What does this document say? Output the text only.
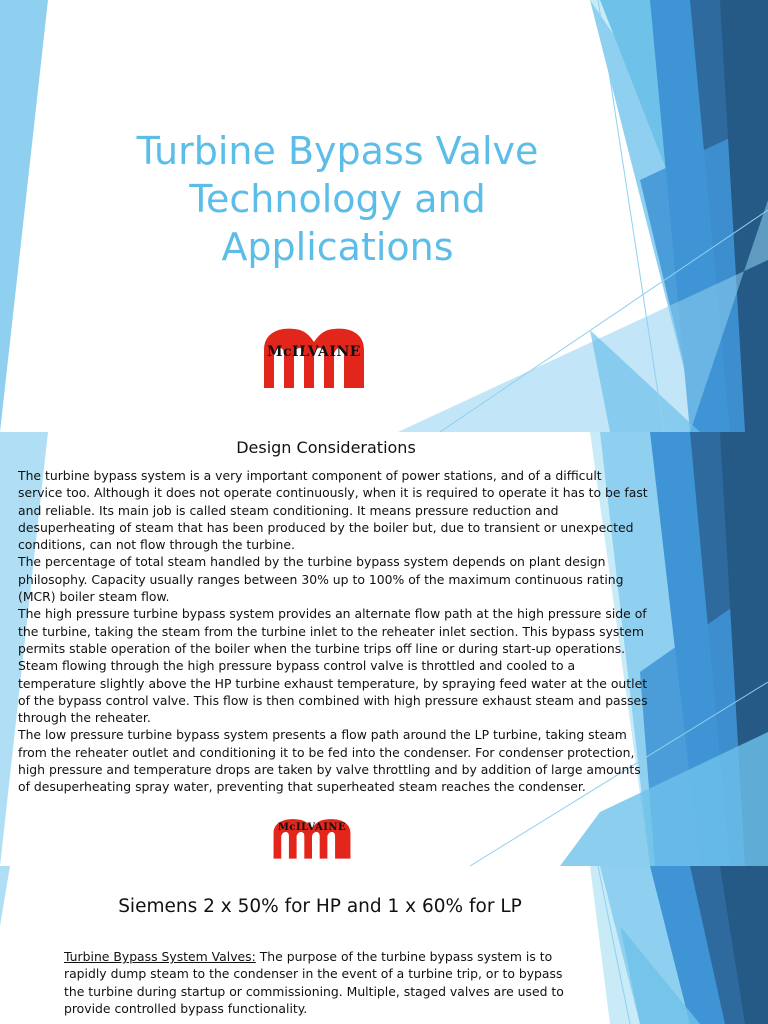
Turbine Bypass Valve
Technology and
Applications
McILVAINE
Design Considerations

The turbine bypass system is a very important component of power stations, and of a difficult service too. Although it does not operate continuously, when it is required to operate it has to be fast and reliable. Its main job is called steam conditioning. It means pressure reduction and desuperheating of steam that has been produced by the boiler but, due to transient or unexpected conditions, can not flow through the turbine.

The percentage of total steam handled by the turbine bypass system depends on plant design philosophy. Capacity usually ranges between 30% up to 100% of the maximum continuous rating (MCR) boiler steam flow.

The high pressure turbine bypass system provides an alternate flow path at the high pressure side of the turbine, taking the steam from the turbine inlet to the reheater inlet section. This bypass system permits stable operation of the boiler when the turbine trips off line or during start-up operations. Steam flowing through the high pressure bypass control valve is throttled and cooled to a temperature slightly above the HP turbine exhaust temperature, by spraying feed water at the outlet of the bypass control valve. This flow is then combined with high pressure exhaust steam and passes through the reheater.

The low pressure turbine bypass system presents a flow path around the LP turbine, taking steam from the reheater outlet and conditioning it to be fed into the condenser. For condenser protection, high pressure and temperature drops are taken by valve throttling and by addition of large amounts of desuperheating spray water, preventing that superheated steam reaches the condenser.

McILVAINE
Siemens 2 x 50% for HP and 1 x 60% for LP

Turbine Bypass System Valves: The purpose of the turbine bypass system is to rapidly dump steam to the condenser in the event of a turbine trip, or to bypass the turbine during startup or commissioning. Multiple, staged valves are used to provide controlled bypass functionality.
